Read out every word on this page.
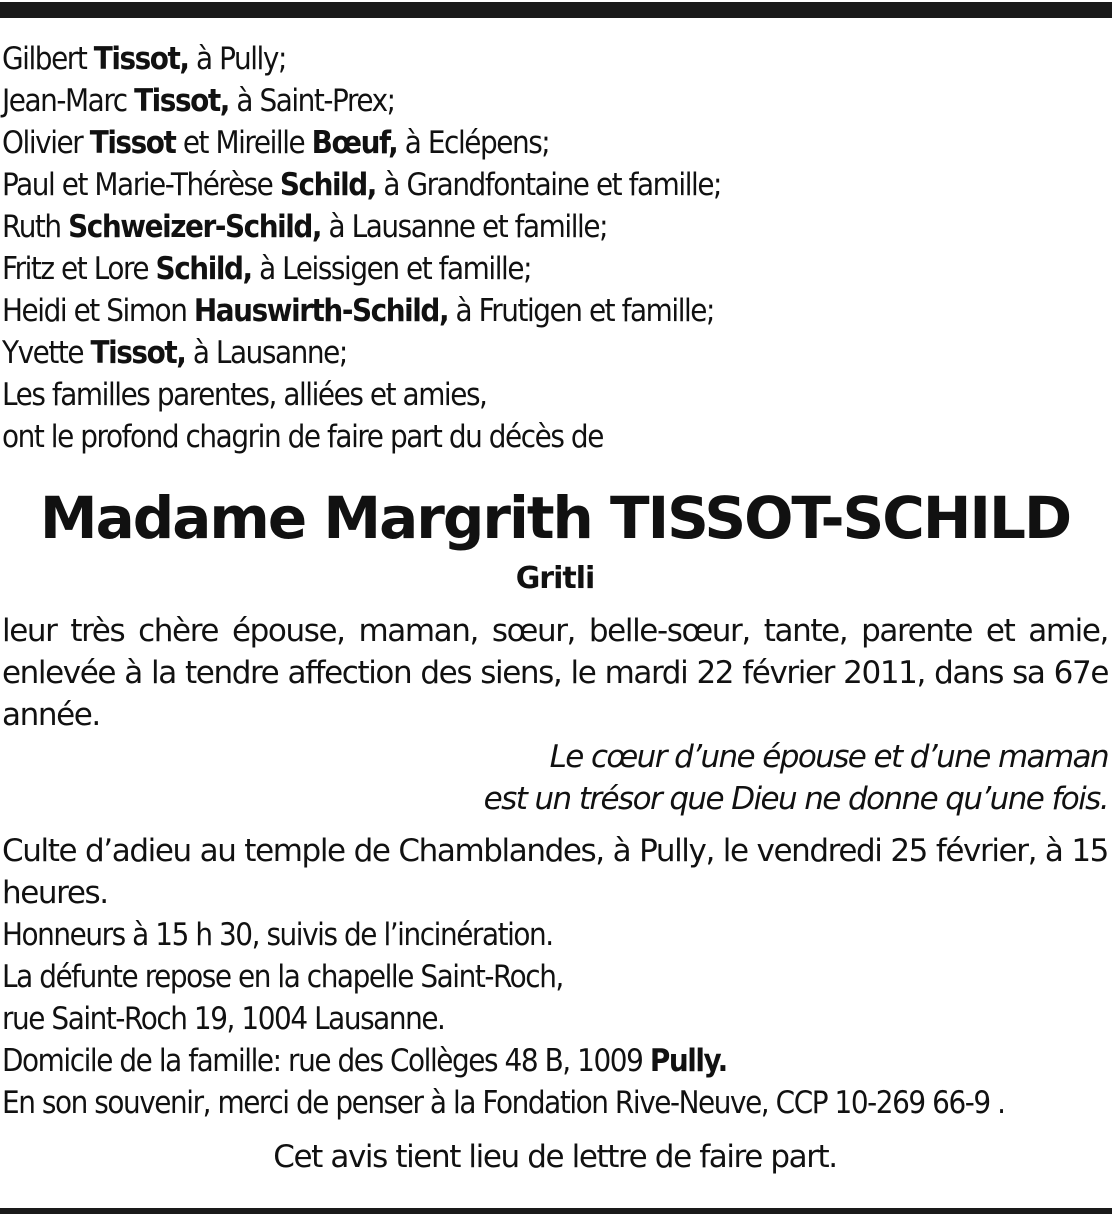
Gilbert Tissot, à Pully;
Jean-Marc Tissot, à Saint-Prex;
Olivier Tissot et Mireille Bœuf, à Eclépens;
Paul et Marie-Thérèse Schild, à Grandfontaine et famille;
Ruth Schweizer-Schild, à Lausanne et famille;
Fritz et Lore Schild, à Leissigen et famille;
Heidi et Simon Hauswirth-Schild, à Frutigen et famille;
Yvette Tissot, à Lausanne;
Les familles parentes, alliées et amies,
ont le profond chagrin de faire part du décès de
Madame Margrith TISSOT-SCHILD
Gritli
leur très chère épouse, maman, sœur, belle-sœur, tante, parente et amie, enlevée à la tendre affection des siens, le mardi 22 février 2011, dans sa 67e année.
Le cœur d’une épouse et d’une maman
est un trésor que Dieu ne donne qu’une fois.
Culte d’adieu au temple de Chamblandes, à Pully, le vendredi 25 février, à 15 heures.
Honneurs à 15 h 30, suivis de l’incinération.
La défunte repose en la chapelle Saint-Roch,
rue Saint-Roch 19, 1004 Lausanne.
Domicile de la famille: rue des Collèges 48 B, 1009 Pully.
En son souvenir, merci de penser à la Fondation Rive-Neuve, CCP 10-269 66-9 .
Cet avis tient lieu de lettre de faire part.
